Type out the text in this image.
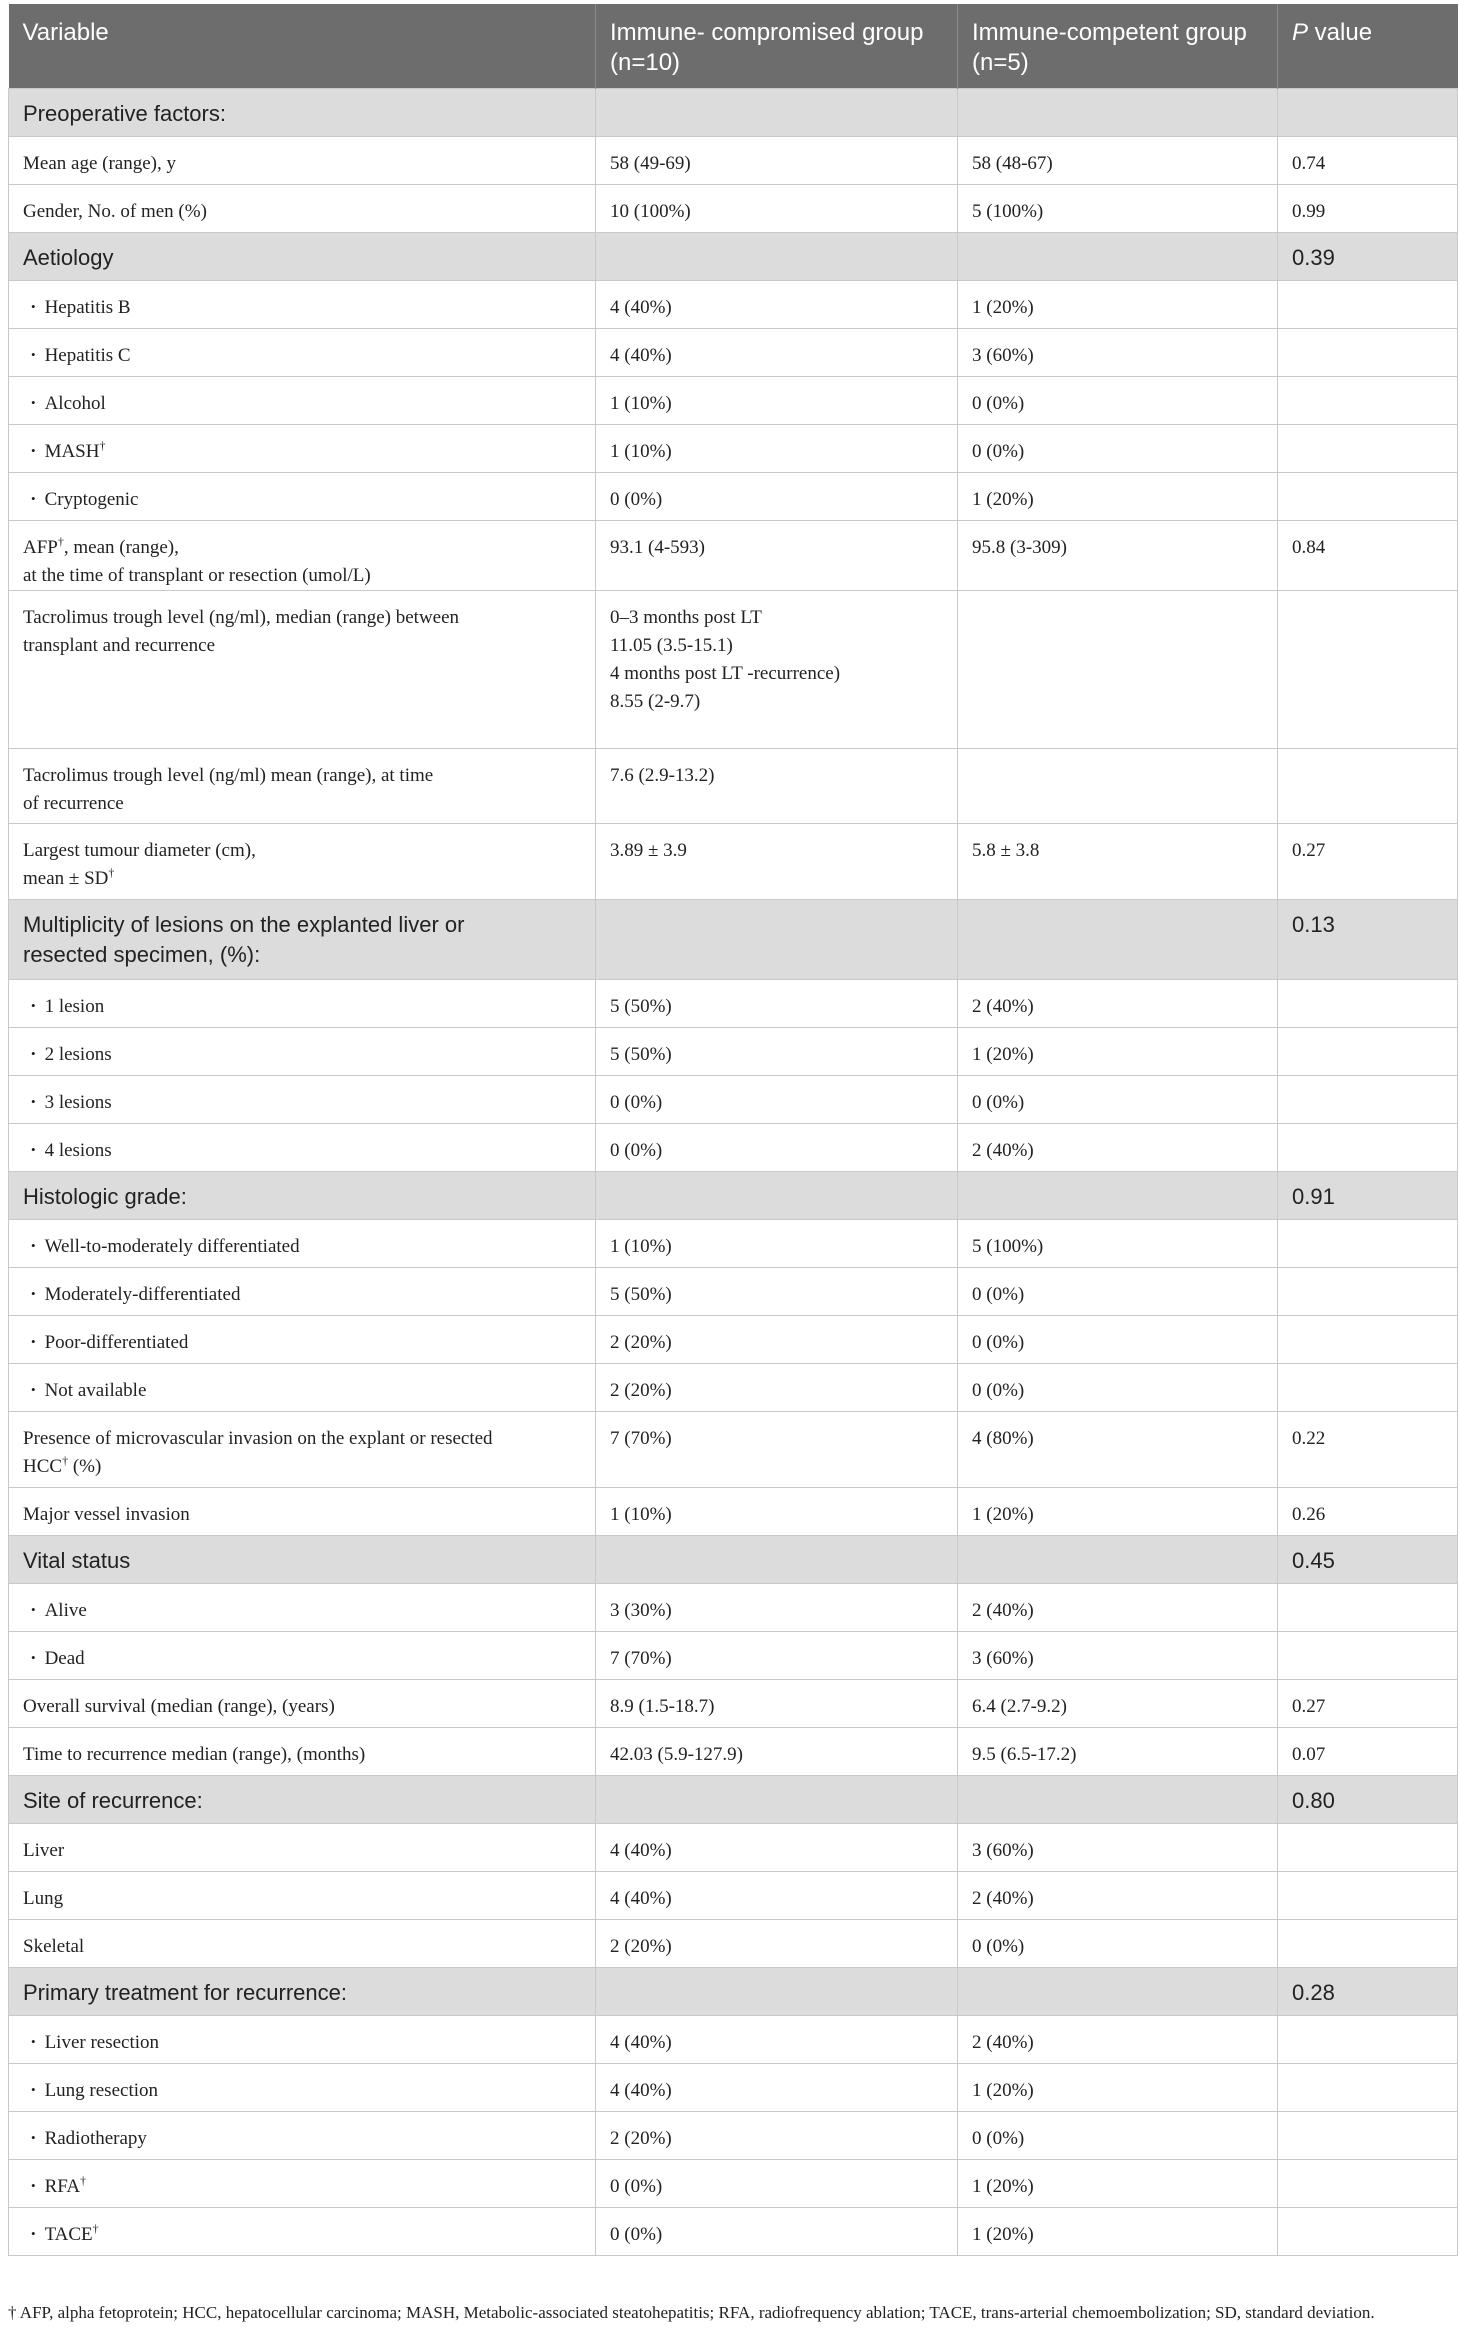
Variable	Immune- compromised group (n=10)	Immune-competent group (n=5)	P value
Preoperative factors:			
Mean age (range), y	58 (49-69)	58 (48-67)	0.74
Gender, No. of men (%)	10 (100%)	5 (100%)	0.99
Aetiology			0.39
• Hepatitis B	4 (40%)	1 (20%)	
• Hepatitis C	4 (40%)	3 (60%)	
• Alcohol	1 (10%)	0 (0%)	
• MASH†	1 (10%)	0 (0%)	
• Cryptogenic	0 (0%)	1 (20%)	
AFP†, mean (range),
at the time of transplant or resection (umol/L)	93.1 (4-593)	95.8 (3-309)	0.84
Tacrolimus trough level (ng/ml), median (range) between
transplant and recurrence	0–3 months post LT
11.05 (3.5-15.1)
4 months post LT -recurrence)
8.55 (2-9.7)		
Tacrolimus trough level (ng/ml) mean (range), at time
of recurrence	7.6 (2.9-13.2)		
Largest tumour diameter (cm),
mean ± SD†	3.89 ± 3.9	5.8 ± 3.8	0.27
Multiplicity of lesions on the explanted liver or
resected specimen, (%):			0.13
• 1 lesion	5 (50%)	2 (40%)	
• 2 lesions	5 (50%)	1 (20%)	
• 3 lesions	0 (0%)	0 (0%)	
• 4 lesions	0 (0%)	2 (40%)	
Histologic grade:			0.91
• Well-to-moderately differentiated	1 (10%)	5 (100%)	
• Moderately-differentiated	5 (50%)	0 (0%)	
• Poor-differentiated	2 (20%)	0 (0%)	
• Not available	2 (20%)	0 (0%)	
Presence of microvascular invasion on the explant or resected
HCC† (%)	7 (70%)	4 (80%)	0.22
Major vessel invasion	1 (10%)	1 (20%)	0.26
Vital status			0.45
• Alive	3 (30%)	2 (40%)	
• Dead	7 (70%)	3 (60%)	
Overall survival (median (range), (years)	8.9 (1.5-18.7)	6.4 (2.7-9.2)	0.27
Time to recurrence median (range), (months)	42.03 (5.9-127.9)	9.5 (6.5-17.2)	0.07
Site of recurrence:			0.80
Liver	4 (40%)	3 (60%)	
Lung	4 (40%)	2 (40%)	
Skeletal	2 (20%)	0 (0%)	
Primary treatment for recurrence:			0.28
• Liver resection	4 (40%)	2 (40%)	
• Lung resection	4 (40%)	1 (20%)	
• Radiotherapy	2 (20%)	0 (0%)	
• RFA†	0 (0%)	1 (20%)	
• TACE†	0 (0%)	1 (20%)	
† AFP, alpha fetoprotein; HCC, hepatocellular carcinoma; MASH, Metabolic-associated steatohepatitis; RFA, radiofrequency ablation; TACE, trans-arterial chemoembolization; SD, standard deviation.
